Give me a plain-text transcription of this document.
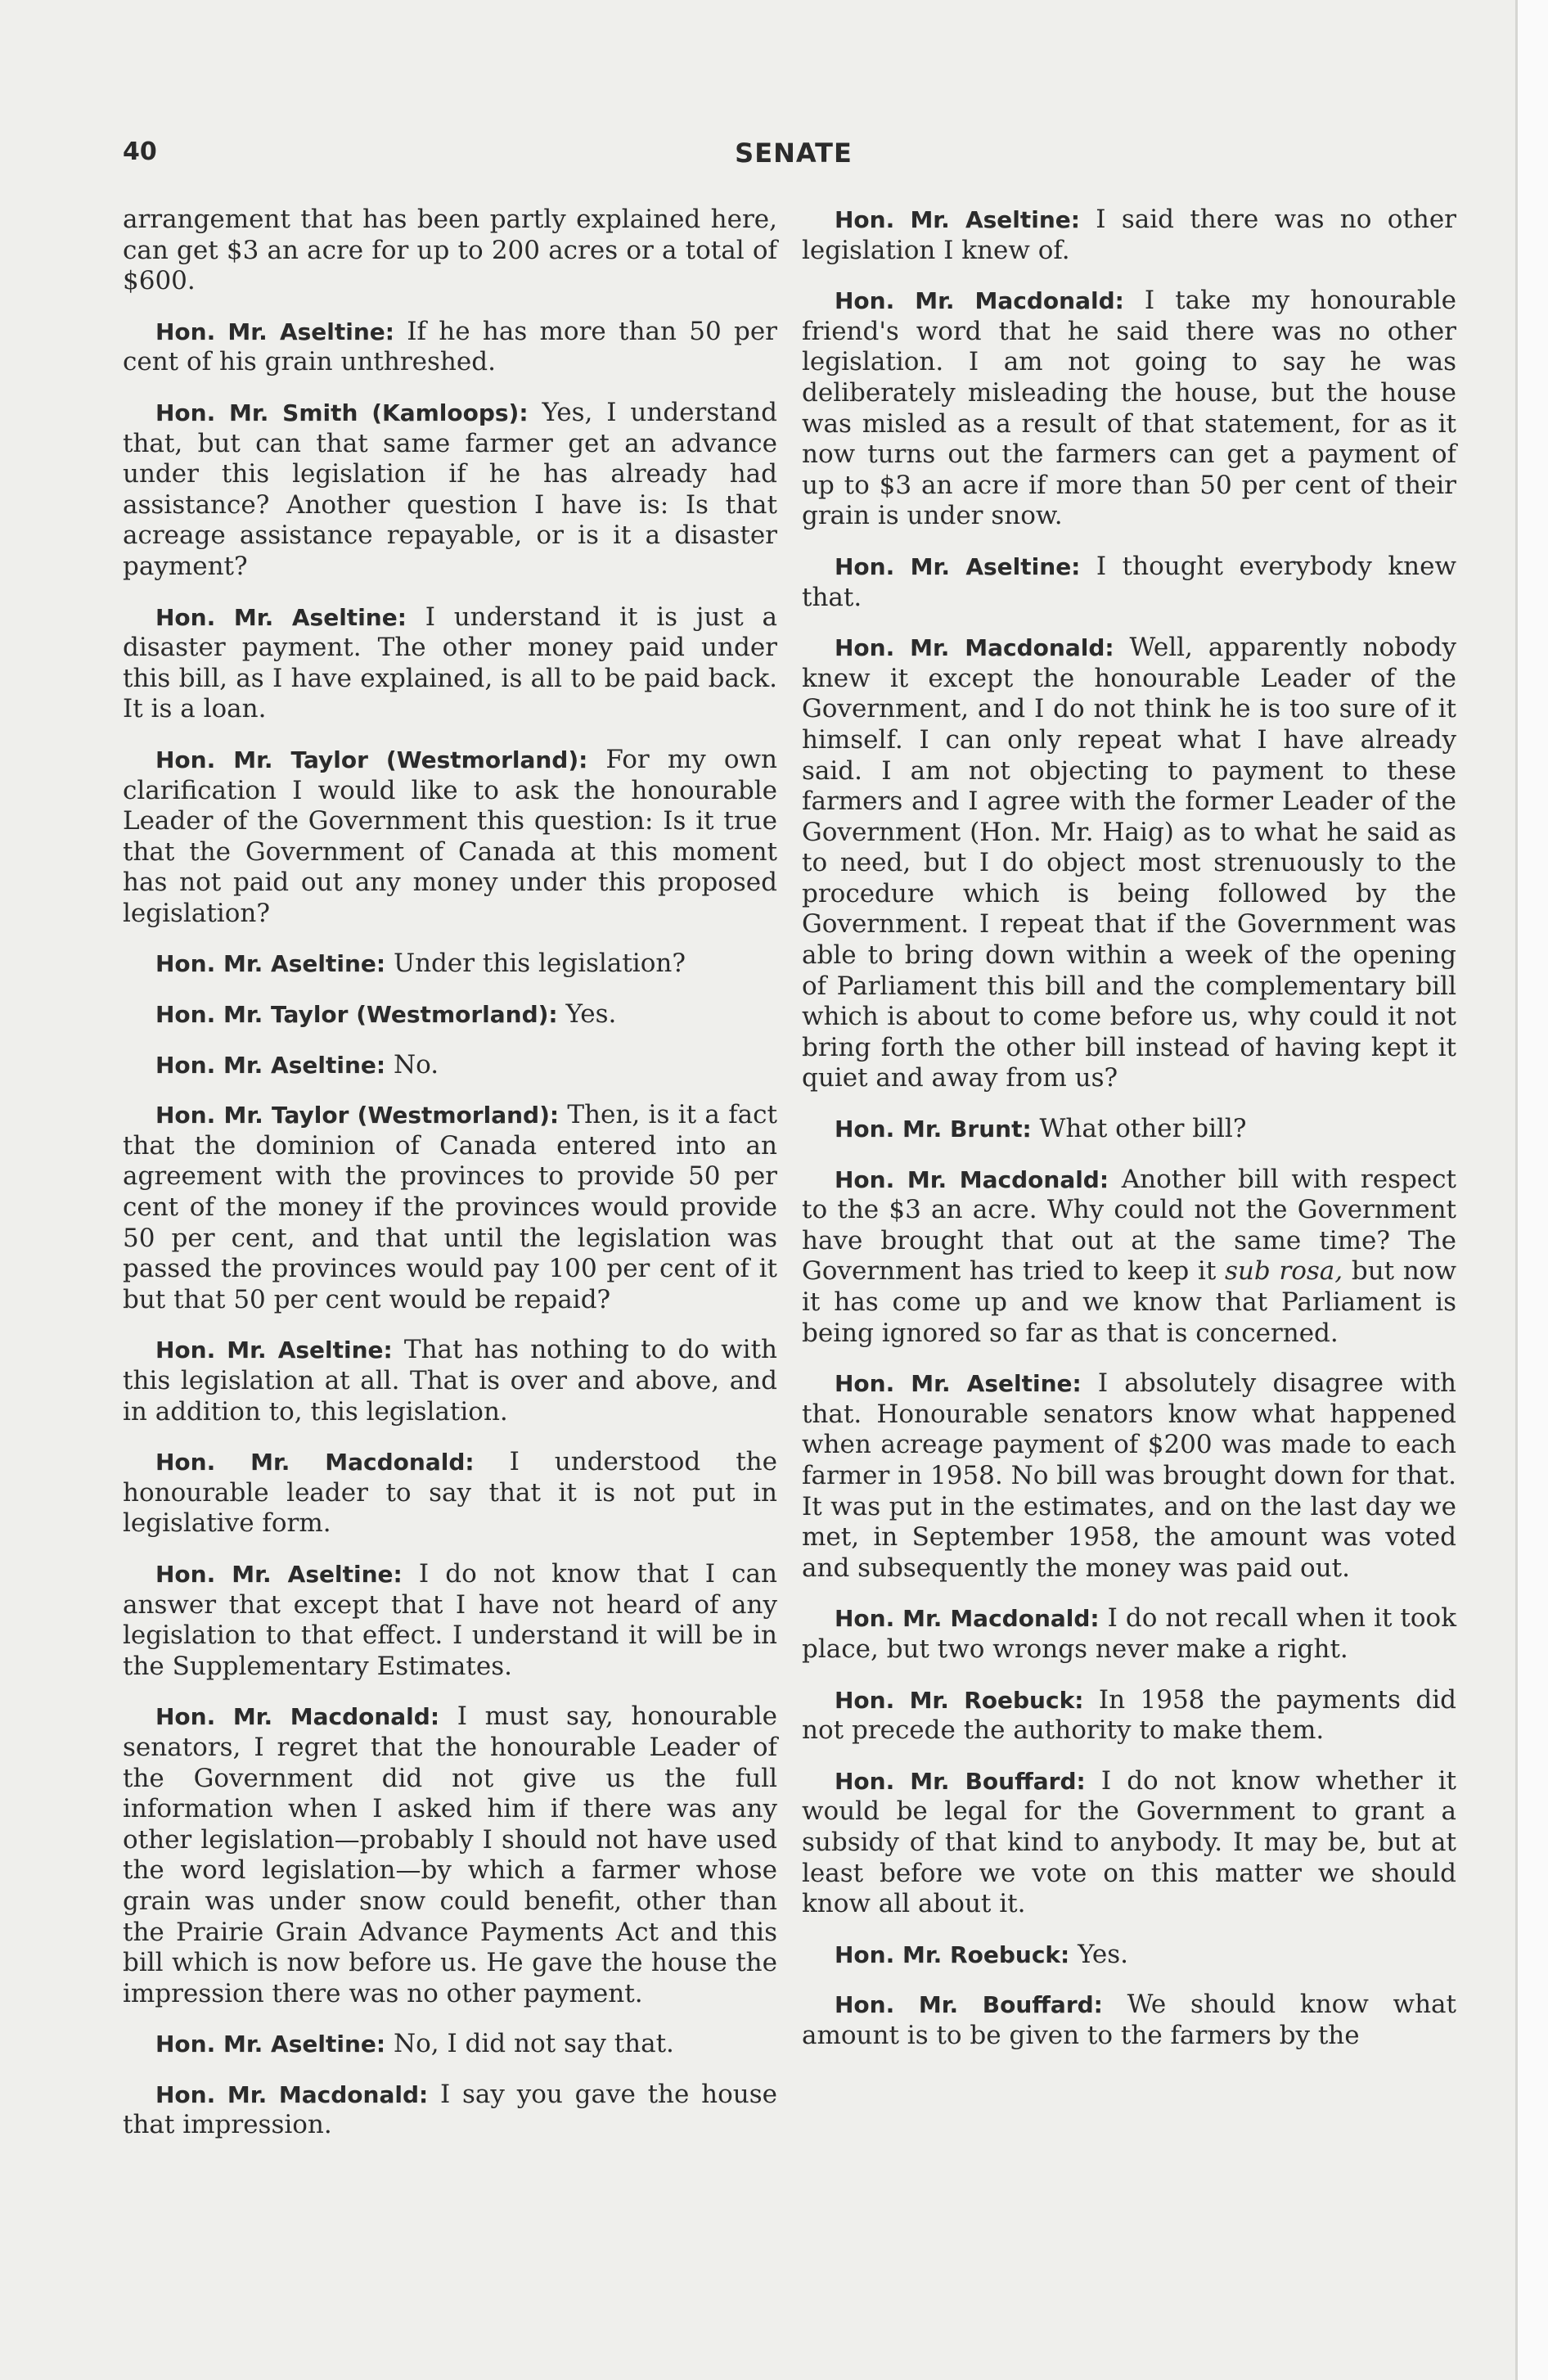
40	SENATE

arrangement that has been partly explained here, can get $3 an acre for up to 200 acres or a total of $600.

Hon. Mr. Aseltine: If he has more than 50 per cent of his grain unthreshed.

Hon. Mr. Smith (Kamloops): Yes, I understand that, but can that same farmer get an advance under this legislation if he has already had assistance? Another question I have is: Is that acreage assistance repayable, or is it a disaster payment?

Hon. Mr. Aseltine: I understand it is just a disaster payment. The other money paid under this bill, as I have explained, is all to be paid back. It is a loan.

Hon. Mr. Taylor (Westmorland): For my own clarification I would like to ask the honourable Leader of the Government this question: Is it true that the Government of Canada at this moment has not paid out any money under this proposed legislation?

Hon. Mr. Aseltine: Under this legislation?

Hon. Mr. Taylor (Westmorland): Yes.

Hon. Mr. Aseltine: No.

Hon. Mr. Taylor (Westmorland): Then, is it a fact that the dominion of Canada entered into an agreement with the provinces to provide 50 per cent of the money if the provinces would provide 50 per cent, and that until the legislation was passed the provinces would pay 100 per cent of it but that 50 per cent would be repaid?

Hon. Mr. Aseltine: That has nothing to do with this legislation at all. That is over and above, and in addition to, this legislation.

Hon. Mr. Macdonald: I understood the honourable leader to say that it is not put in legislative form.

Hon. Mr. Aseltine: I do not know that I can answer that except that I have not heard of any legislation to that effect. I understand it will be in the Supplementary Estimates.

Hon. Mr. Macdonald: I must say, honourable senators, I regret that the honourable Leader of the Government did not give us the full information when I asked him if there was any other legislation—probably I should not have used the word legislation—by which a farmer whose grain was under snow could benefit, other than the Prairie Grain Advance Payments Act and this bill which is now before us. He gave the house the impression there was no other payment.

Hon. Mr. Aseltine: No, I did not say that.

Hon. Mr. Macdonald: I say you gave the house that impression.

Hon. Mr. Aseltine: I said there was no other legislation I knew of.

Hon. Mr. Macdonald: I take my honourable friend's word that he said there was no other legislation. I am not going to say he was deliberately misleading the house, but the house was misled as a result of that statement, for as it now turns out the farmers can get a payment of up to $3 an acre if more than 50 per cent of their grain is under snow.

Hon. Mr. Aseltine: I thought everybody knew that.

Hon. Mr. Macdonald: Well, apparently nobody knew it except the honourable Leader of the Government, and I do not think he is too sure of it himself. I can only repeat what I have already said. I am not objecting to payment to these farmers and I agree with the former Leader of the Government (Hon. Mr. Haig) as to what he said as to need, but I do object most strenuously to the procedure which is being followed by the Government. I repeat that if the Government was able to bring down within a week of the opening of Parliament this bill and the complementary bill which is about to come before us, why could it not bring forth the other bill instead of having kept it quiet and away from us?

Hon. Mr. Brunt: What other bill?

Hon. Mr. Macdonald: Another bill with respect to the $3 an acre. Why could not the Government have brought that out at the same time? The Government has tried to keep it sub rosa, but now it has come up and we know that Parliament is being ignored so far as that is concerned.

Hon. Mr. Aseltine: I absolutely disagree with that. Honourable senators know what happened when acreage payment of $200 was made to each farmer in 1958. No bill was brought down for that. It was put in the estimates, and on the last day we met, in September 1958, the amount was voted and subsequently the money was paid out.

Hon. Mr. Macdonald: I do not recall when it took place, but two wrongs never make a right.

Hon. Mr. Roebuck: In 1958 the payments did not precede the authority to make them.

Hon. Mr. Bouffard: I do not know whether it would be legal for the Government to grant a subsidy of that kind to anybody. It may be, but at least before we vote on this matter we should know all about it.

Hon. Mr. Roebuck: Yes.

Hon. Mr. Bouffard: We should know what amount is to be given to the farmers by the
